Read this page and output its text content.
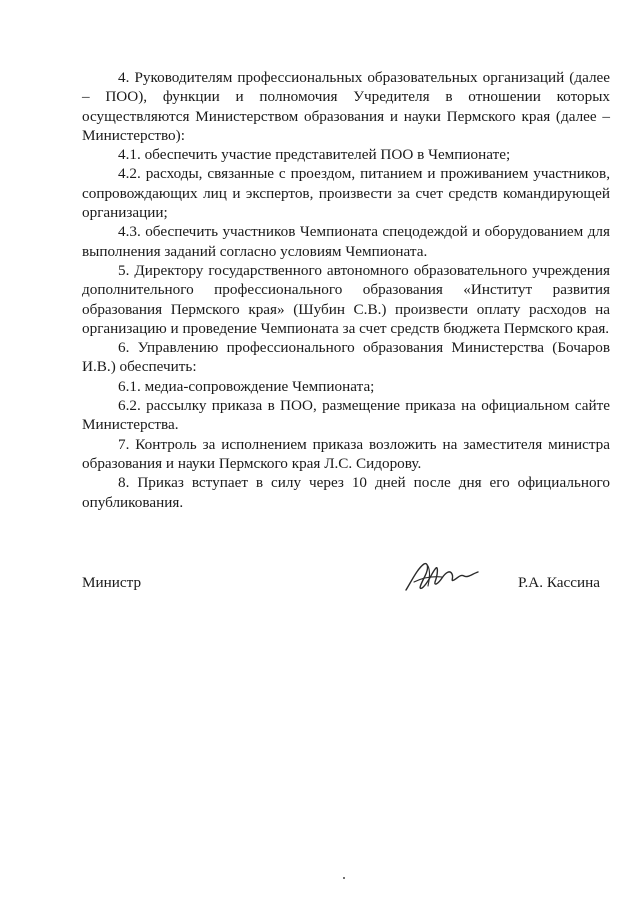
4. Руководителям профессиональных образовательных организаций (далее – ПОО), функции и полномочия Учредителя в отношении которых осуществляются Министерством образования и науки Пермского края (далее – Министерство):

4.1. обеспечить участие представителей ПОО в Чемпионате;

4.2. расходы, связанные с проездом, питанием и проживанием участников, сопровождающих лиц и экспертов, произвести за счет средств командирующей организации;

4.3. обеспечить участников Чемпионата спецодеждой и оборудованием для выполнения заданий согласно условиям Чемпионата.

5. Директору государственного автономного образовательного учреждения дополнительного профессионального образования «Институт развития образования Пермского края» (Шубин С.В.) произвести оплату расходов на организацию и проведение Чемпионата за счет средств бюджета Пермского края.

6. Управлению профессионального образования Министерства (Бочаров И.В.) обеспечить:

6.1. медиа-сопровождение Чемпионата;

6.2. рассылку приказа в ПОО, размещение приказа на официальном сайте Министерства.

7. Контроль за исполнением приказа возложить на заместителя министра образования и науки Пермского края Л.С. Сидорову.

8. Приказ вступает в силу через 10 дней после дня его официального опубликования.

Министр	Р.А. Кассина
